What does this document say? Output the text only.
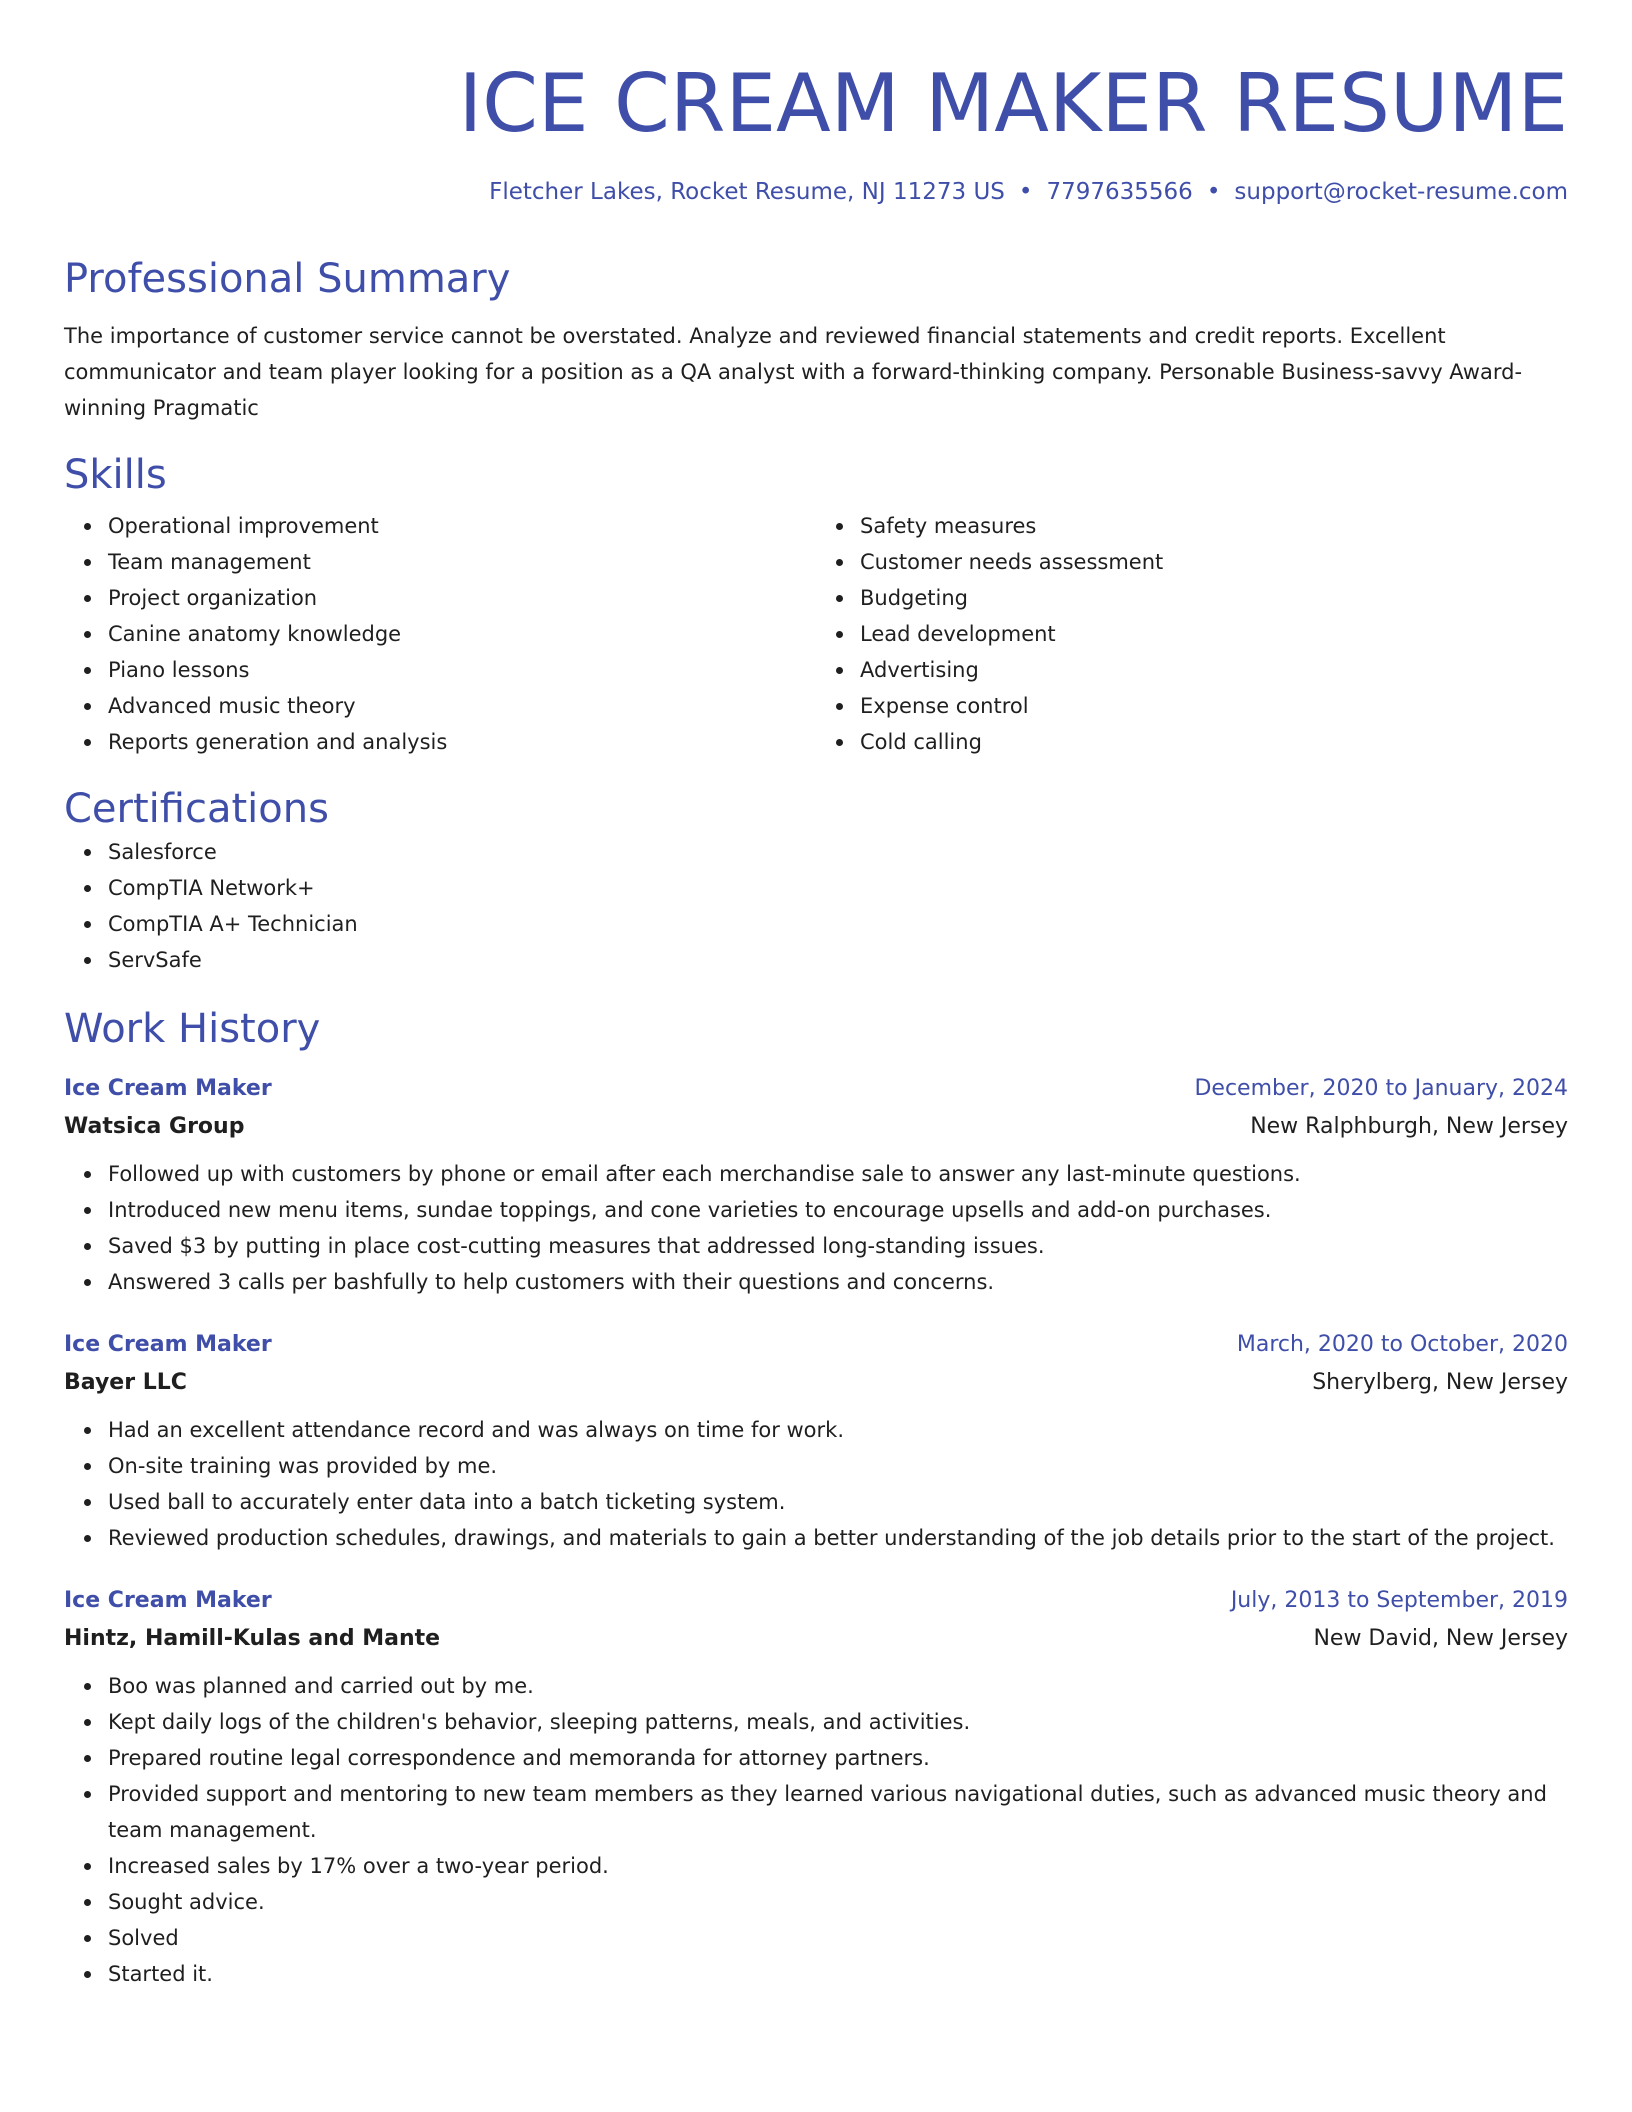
ICE CREAM MAKER RESUME
Fletcher Lakes, Rocket Resume, NJ 11273 US • 7797635566 • support@rocket-resume.com
Professional Summary
The importance of customer service cannot be overstated. Analyze and reviewed financial statements and credit reports. Excellent communicator and team player looking for a position as a QA analyst with a forward-thinking company. Personable Business-savvy Award-winning Pragmatic
Skills
Operational improvement
Team management
Project organization
Canine anatomy knowledge
Piano lessons
Advanced music theory
Reports generation and analysis
Safety measures
Customer needs assessment
Budgeting
Lead development
Advertising
Expense control
Cold calling
Certifications
Salesforce
CompTIA Network+
CompTIA A+ Technician
ServSafe
Work History
Ice Cream Maker	December, 2020 to January, 2024
Watsica Group	New Ralphburgh, New Jersey
Followed up with customers by phone or email after each merchandise sale to answer any last-minute questions.
Introduced new menu items, sundae toppings, and cone varieties to encourage upsells and add-on purchases.
Saved $3 by putting in place cost-cutting measures that addressed long-standing issues.
Answered 3 calls per bashfully to help customers with their questions and concerns.
Ice Cream Maker	March, 2020 to October, 2020
Bayer LLC	Sherylberg, New Jersey
Had an excellent attendance record and was always on time for work.
On-site training was provided by me.
Used ball to accurately enter data into a batch ticketing system.
Reviewed production schedules, drawings, and materials to gain a better understanding of the job details prior to the start of the project.
Ice Cream Maker	July, 2013 to September, 2019
Hintz, Hamill-Kulas and Mante	New David, New Jersey
Boo was planned and carried out by me.
Kept daily logs of the children's behavior, sleeping patterns, meals, and activities.
Prepared routine legal correspondence and memoranda for attorney partners.
Provided support and mentoring to new team members as they learned various navigational duties, such as advanced music theory and team management.
Increased sales by 17% over a two-year period.
Sought advice.
Solved
Started it.
